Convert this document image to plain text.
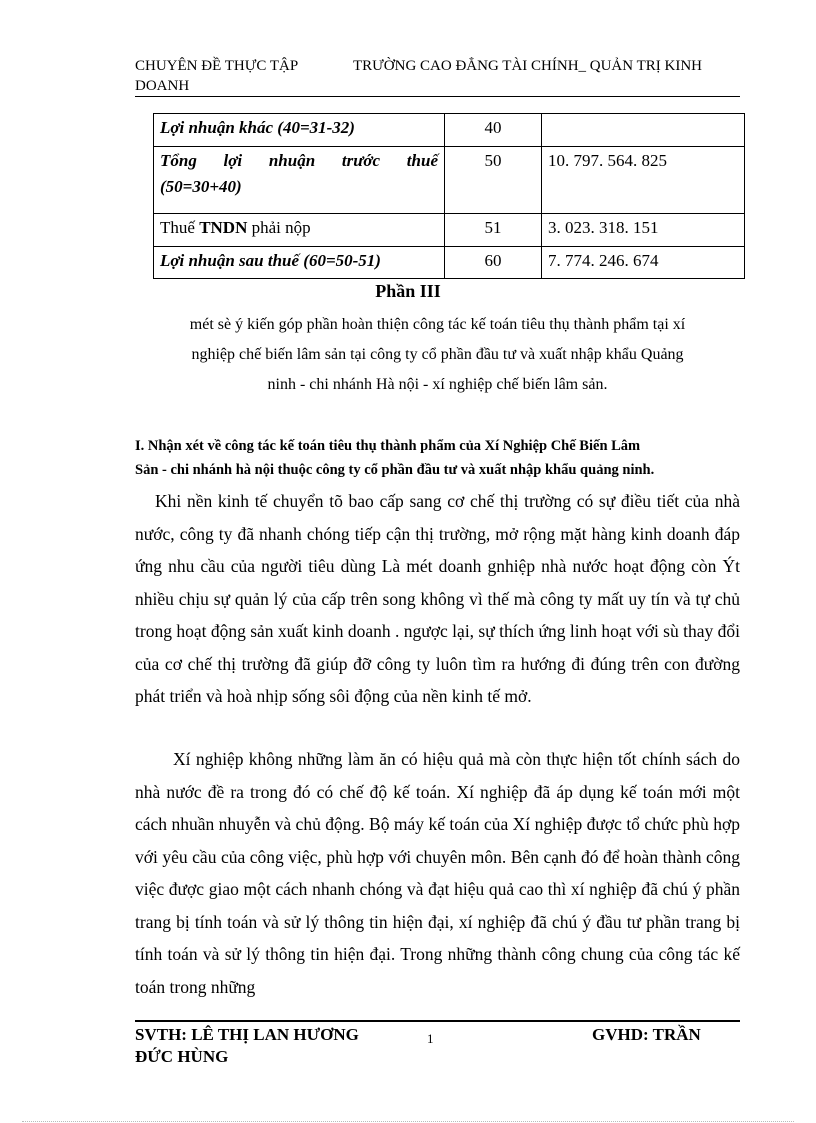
CHUYÊN ĐỀ THỰC TẬP	TRƯỜNG CAO ĐẲNG TÀI CHÍNH_ QUẢN TRỊ KINH
DOANH
Lợi nhuận khác (40=31-32)	40	

Tổng lợi nhuận trước thuế
(50=30+40)	50	10. 797. 564. 825
Thuế TNDN phải nộp	51	3. 023. 318. 151
Lợi nhuận sau thuế (60=50-51)	60	7. 774. 246. 674
Phần III
mét sè ý kiến góp phần hoàn thiện công tác kế toán tiêu thụ thành phẩm tại xí
nghiệp chế biến lâm sản tại công ty cổ phần đầu tư và xuất nhập khẩu Quảng
ninh - chi nhánh Hà nội - xí nghiệp chế biến lâm sản.
I. Nhận xét về công tác kế toán tiêu thụ thành phẩm của Xí Nghiệp Chế Biến Lâm
Sản - chi nhánh hà nội thuộc công ty cổ phần đầu tư và xuất nhập khẩu quảng ninh.

Khi nền kinh tế chuyển tõ bao cấp sang cơ chế thị trường có sự điều tiết của nhà nước, công ty đã nhanh chóng tiếp cận thị trường, mở rộng mặt hàng kinh doanh đáp ứng nhu cầu của người tiêu dùng Là mét doanh gnhiệp nhà nước hoạt động còn Ýt nhiều chịu sự quản lý của cấp trên song không vì thế mà công ty mất uy tín và tự chủ trong hoạt động sản xuất kinh doanh . ngược lại, sự thích ứng linh hoạt với sù thay đổi của cơ chế thị trường đã giúp đỡ công ty luôn tìm ra hướng đi đúng trên con đường phát triển và hoà nhịp sống sôi động của nền kinh tế mở.

Xí nghiệp không những làm ăn có hiệu quả mà còn thực hiện tốt chính sách do nhà nước đề ra trong đó có chế độ kế toán. Xí nghiệp đã áp dụng kế toán mới một cách nhuần nhuyễn và chủ động. Bộ máy kế toán của Xí nghiệp được tổ chức phù hợp với yêu cầu của công việc, phù hợp với chuyên môn. Bên cạnh đó để hoàn thành công việc được giao một cách nhanh chóng và đạt hiệu quả cao thì xí nghiệp đã chú ý phần trang bị tính toán và sử lý thông tin hiện đại, xí nghiệp đã chú ý đầu tư phần trang bị tính toán và sử lý thông tin hiện đại. Trong những thành công chung của công tác kế toán trong những

SVTH: LÊ THỊ LAN HƯƠNG	1	GVHD: TRẦN
ĐỨC HÙNG
